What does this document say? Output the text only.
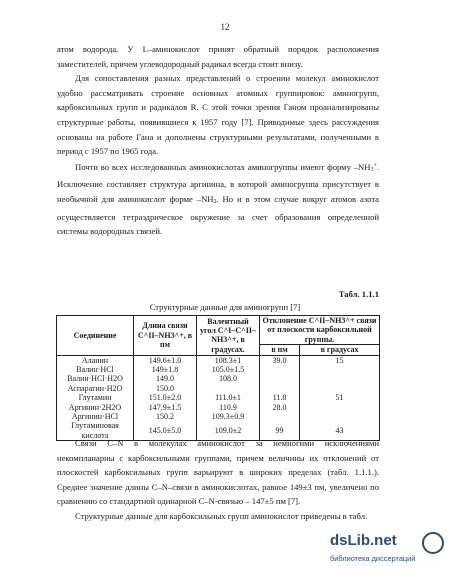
12

атом водорода. У L–аминокислот принят обратный порядок расположения заместителей, причем углеводородный радикал всегда стоит внизу.

Для сопоставления разных представлений о строении молекул аминокислот удобно рассматривать строение основных атомных группировок: аминогрупп, карбоксильных групп и радикалов R. С этой точки зрения Ганом проанализированы структурные работы, появившиеся к 1957 году [7]. Приводимые здесь рассуждения основаны на работе Гана и дополнены структурными результатами, полученными в период с 1957 по 1965 года.

Почти во всех исследованных аминокислотах аминогруппы имеют форму –NH3+. Исключение составляет структура аргинина, в которой аминогруппа присутствует в необычной для аминокислот форме –NH2. Но и в этом случае вокруг атомов азота осуществляется тетраэдрическое окружение за счет образования определенной системы водородных связей.

Табл. 1.1.1
Структурные данные для аминогрупп [7]
Соединение	Длина связи C^II–NH3^+, в пм	Валентный угол C^I–C^II–NH3^+, в градусах.	Отклонение C^II–NH3^+ связи от плоскости карбоксильной группы.	
			в пм	в градусах
Аланин	149.6±1.0	108.3±1	39.0	15
Валин·HCl	149±1.8	105.0±1.5		
Валин·HCl·H2O	149.0	108.0		
Аспарагин·H2O	150.0			
Глутамин	151.0±2.0	111.0±1	11.8	51
Аргинин·2H2O	147.9±1.5	110.9	28.0	
Аргинин·HCl	150.2	109.3±0.9		
Глутаминовая кислота	145.0±5.0	109.0±2	99	43

Связи C–N в молекулах аминокислот за немногими исключениями некомпланарны с карбоксильными группами, причем величины их отклонений от плоскостей карбоксильных групп варьируют в широких пределах (табл. 1.1.1.). Среднее значение длины C–N–связи в аминокислотах, равное 149±3 пм, увеличено по сравнению со стандартной одинарной C–N-связью – 147±5 пм [7].

Структурные данные для карбоксильных групп аминокислот приведены в табл.

dsLib.net
библиотека диссертаций
